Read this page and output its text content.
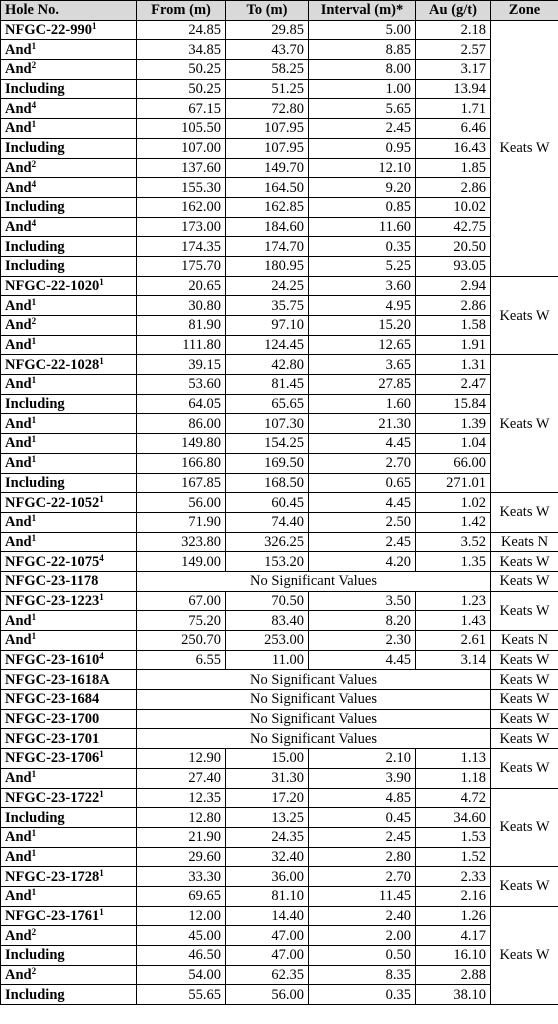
Hole No.	From (m)	To (m)	Interval (m)*	Au (g/t)	Zone
NFGC-$22-990^1$	24.85	29.85	5.00	2.18	Keats W
And$^1$	34.85	43.70	8.85	2.57	
And$^2$	50.25	58.25	8.00	3.17	
Including	50.25	51.25	1.00	13.94	
And$^4$	67.15	72.80	5.65	1.71	
And$^1$	105.50	107.95	2.45	6.46	
Including	107.00	107.95	0.95	16.43	
And$^2$	137.60	149.70	12.10	1.85	
And$^4$	155.30	164.50	9.20	2.86	
Including	162.00	162.85	0.85	10.02	
And$^4$	173.00	184.60	11.60	42.75	
Including	174.35	174.70	0.35	20.50	
Including	175.70	180.95	5.25	93.05	
NFGC-22-1020$^1$	20.65	24.25	3.60	2.94	Keats W
And$^1$	30.80	35.75	4.95	2.86	
And$^2$	81.90	97.10	15.20	1.58	
And$^1$	111.80	124.45	12.65	1.91	
NFGC-22-1028$^1$	39.15	42.80	3.65	1.31	Keats W
And$^1$	53.60	81.45	27.85	2.47	
Including	64.05	65.65	1.60	15.84	
And$^1$	86.00	107.30	21.30	1.39	
And$^1$	149.80	154.25	4.45	1.04	
And$^1$	166.80	169.50	2.70	66.00	
Including	167.85	168.50	0.65	271.01	
NFGC-22-1052$^1$	56.00	60.45	4.45	1.02	Keats W
And$^1$	71.90	74.40	2.50	1.42	
And$^1$	323.80	326.25	2.45	3.52	Keats N
NFGC-22-1075$^4$	149.00	153.20	4.20	1.35	Keats W
NFGC-23-1178	No Significant Values				Keats W
NFGC-23-1223$^1$	67.00	70.50	3.50	1.23	Keats W
And$^1$	75.20	83.40	8.20	1.43	
And$^1$	250.70	253.00	2.30	2.61	Keats N
NFGC-23-1610$^4$	6.55	11.00	4.45	3.14	Keats W
NFGC-23-1618A	No Significant Values				Keats W
NFGC-23-1684	No Significant Values				Keats W
NFGC-23-1700	No Significant Values				Keats W
NFGC-23-1701	No Significant Values				Keats W
NFGC-23-1706$^1$	12.90	15.00	2.10	1.13	Keats W
And$^1$	27.40	31.30	3.90	1.18	
NFGC-23-1722$^1$	12.35	17.20	4.85	4.72	Keats W
Including	12.80	13.25	0.45	34.60	
And$^1$	21.90	24.35	2.45	1.53	
And$^1$	29.60	32.40	2.80	1.52	
NFGC-23-1728$^1$	33.30	36.00	2.70	2.33	Keats W
And$^1$	69.65	81.10	11.45	2.16	
NFGC-23-1761$^1$	12.00	14.40	2.40	1.26	Keats W
And$^2$	45.00	47.00	2.00	4.17	
Including	46.50	47.00	0.50	16.10	
And$^2$	54.00	62.35	8.35	2.88	
Including	55.65	56.00	0.35	38.10	
